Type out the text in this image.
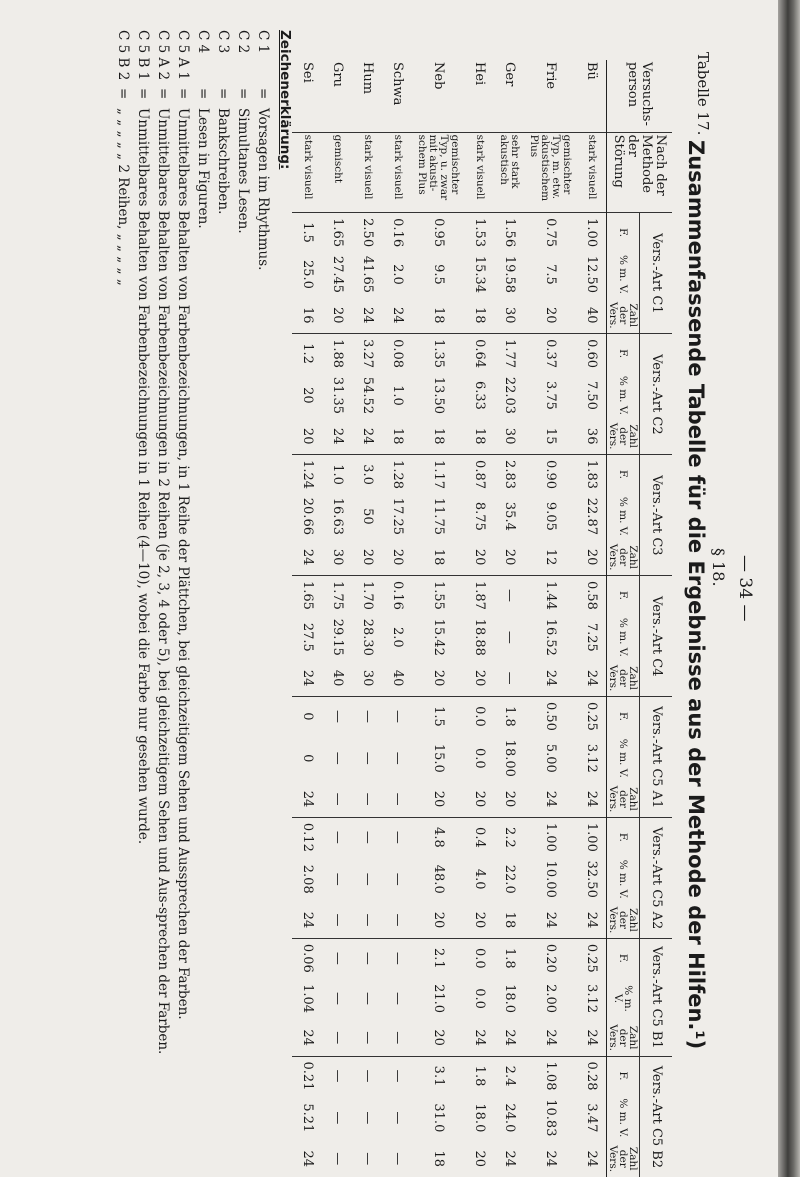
— 34 —
Tabelle 17.
§ 18.
Zusammenfassende Tabelle für die Ergebnisse aus der Methode der Hilfen.¹)
Versuchs-person	Nach der Methode der Störung	Vers.-Art C1			Vers.-Art C2			Vers.-Art C3			Vers.-Art C4			Vers.-Art C5 A1			Vers.-Art C5 A2			Vers.-Art C5 B1			Vers.-Art C5 B2		
		F.	% m. V.	Zahl der Vers.	F.	% m. V.	Zahl der Vers.	F.	% m. V.	Zahl der Vers.	F.	% m. V.	Zahl der Vers.	F.	% m. V.	Zahl der Vers.	F.	% m. V.	Zahl der Vers.	F.	% m. V.	Zahl der Vers.	F.	% m. V.	Zahl der Vers.
Bü	stark visuell	1.00	12.50	40	0.60	7.50	36	1.83	22.87	20	0.58	7.25	24	0.25	3.12	24	1.00	32.50	24	0.25	3.12	24	0.28	3.47	24
Frie	gemischter Typ, m. etw. akustischem Plus	0.75	7.5	20	0.37	3.75	15	0.90	9.05	12	1.44	16.52	24	0.50	5.00	24	1.00	10.00	24	0.20	2.00	24	1.08	10.83	24
Ger	sehr stark akustisch	1.56	19.58	30	1.77	22.03	30	2.83	35.4	20	—	—	—	1.8	18.00	20	2.2	22.0	18	1.8	18.0	24	2.4	24.0	24
Hei	stark visuell	1.53	15.34	18	0.64	6.33	18	0.87	8.75	20	1.87	18.88	20	0.0	0.0	20	0.4	4.0	20	0.0	0.0	24	1.8	18.0	20
Neb	gemischter Typ, u. zwar mit akusti-schem Plus	0.95	9.5	18	1.35	13.50	18	1.17	11.75	18	1.55	15.42	20	1.5	15.0	20	4.8	48.0	20	2.1	21.0	20	3.1	31.0	18
Schwa	stark visuell	0.16	2.0	24	0.08	1.0	18	1.28	17.25	20	0.16	2.0	40	—	—	—	—	—	—	—	—	—	—	—	—
Hum	stark visuell	2.50	41.65	24	3.27	54.52	24	3.0	50	20	1.70	28.30	30	—	—	—	—	—	—	—	—	—	—	—	—
Gru	gemischt	1.65	27.45	20	1.88	31.35	24	1.0	16.63	30	1.75	29.15	40	—	—	—	—	—	—	—	—	—	—	—	—
Sei	stark visuell	1.5	25.0	16	1.2	20	20	1.24	20.66	24	1.65	27.5	24	0	0	24	0.12	2.08	24	0.06	1.04	24	0.21	5.21	24
Zeichenerklärung:
C 1
=
Vorsagen im Rhythmus.
C 2
=
Simultanes Lesen.
C 3
=
Bankschreiben.
C 4
=
Lesen in Figuren.
C 5 A 1
=
Unmittelbares Behalten von Farbenbezeichnungen, in 1 Reihe der Plättchen, bei gleichzeitigem Sehen und Aussprechen der Farben.
C 5 A 2
=
Unmittelbares Behalten von Farbenbezeichnungen in 2 Reihen (je 2, 3, 4 oder 5), bei gleichzeitigem Sehen und Aus-sprechen der Farben.
C 5 B 1
=
Unmittelbares Behalten von Farbenbezeichnungen in 1 Reihe (4—10), wobei die Farbe nur gesehen wurde.
C 5 B 2
=
„ „ „ „ „ 2 Reihen, „ „ „ „ „
